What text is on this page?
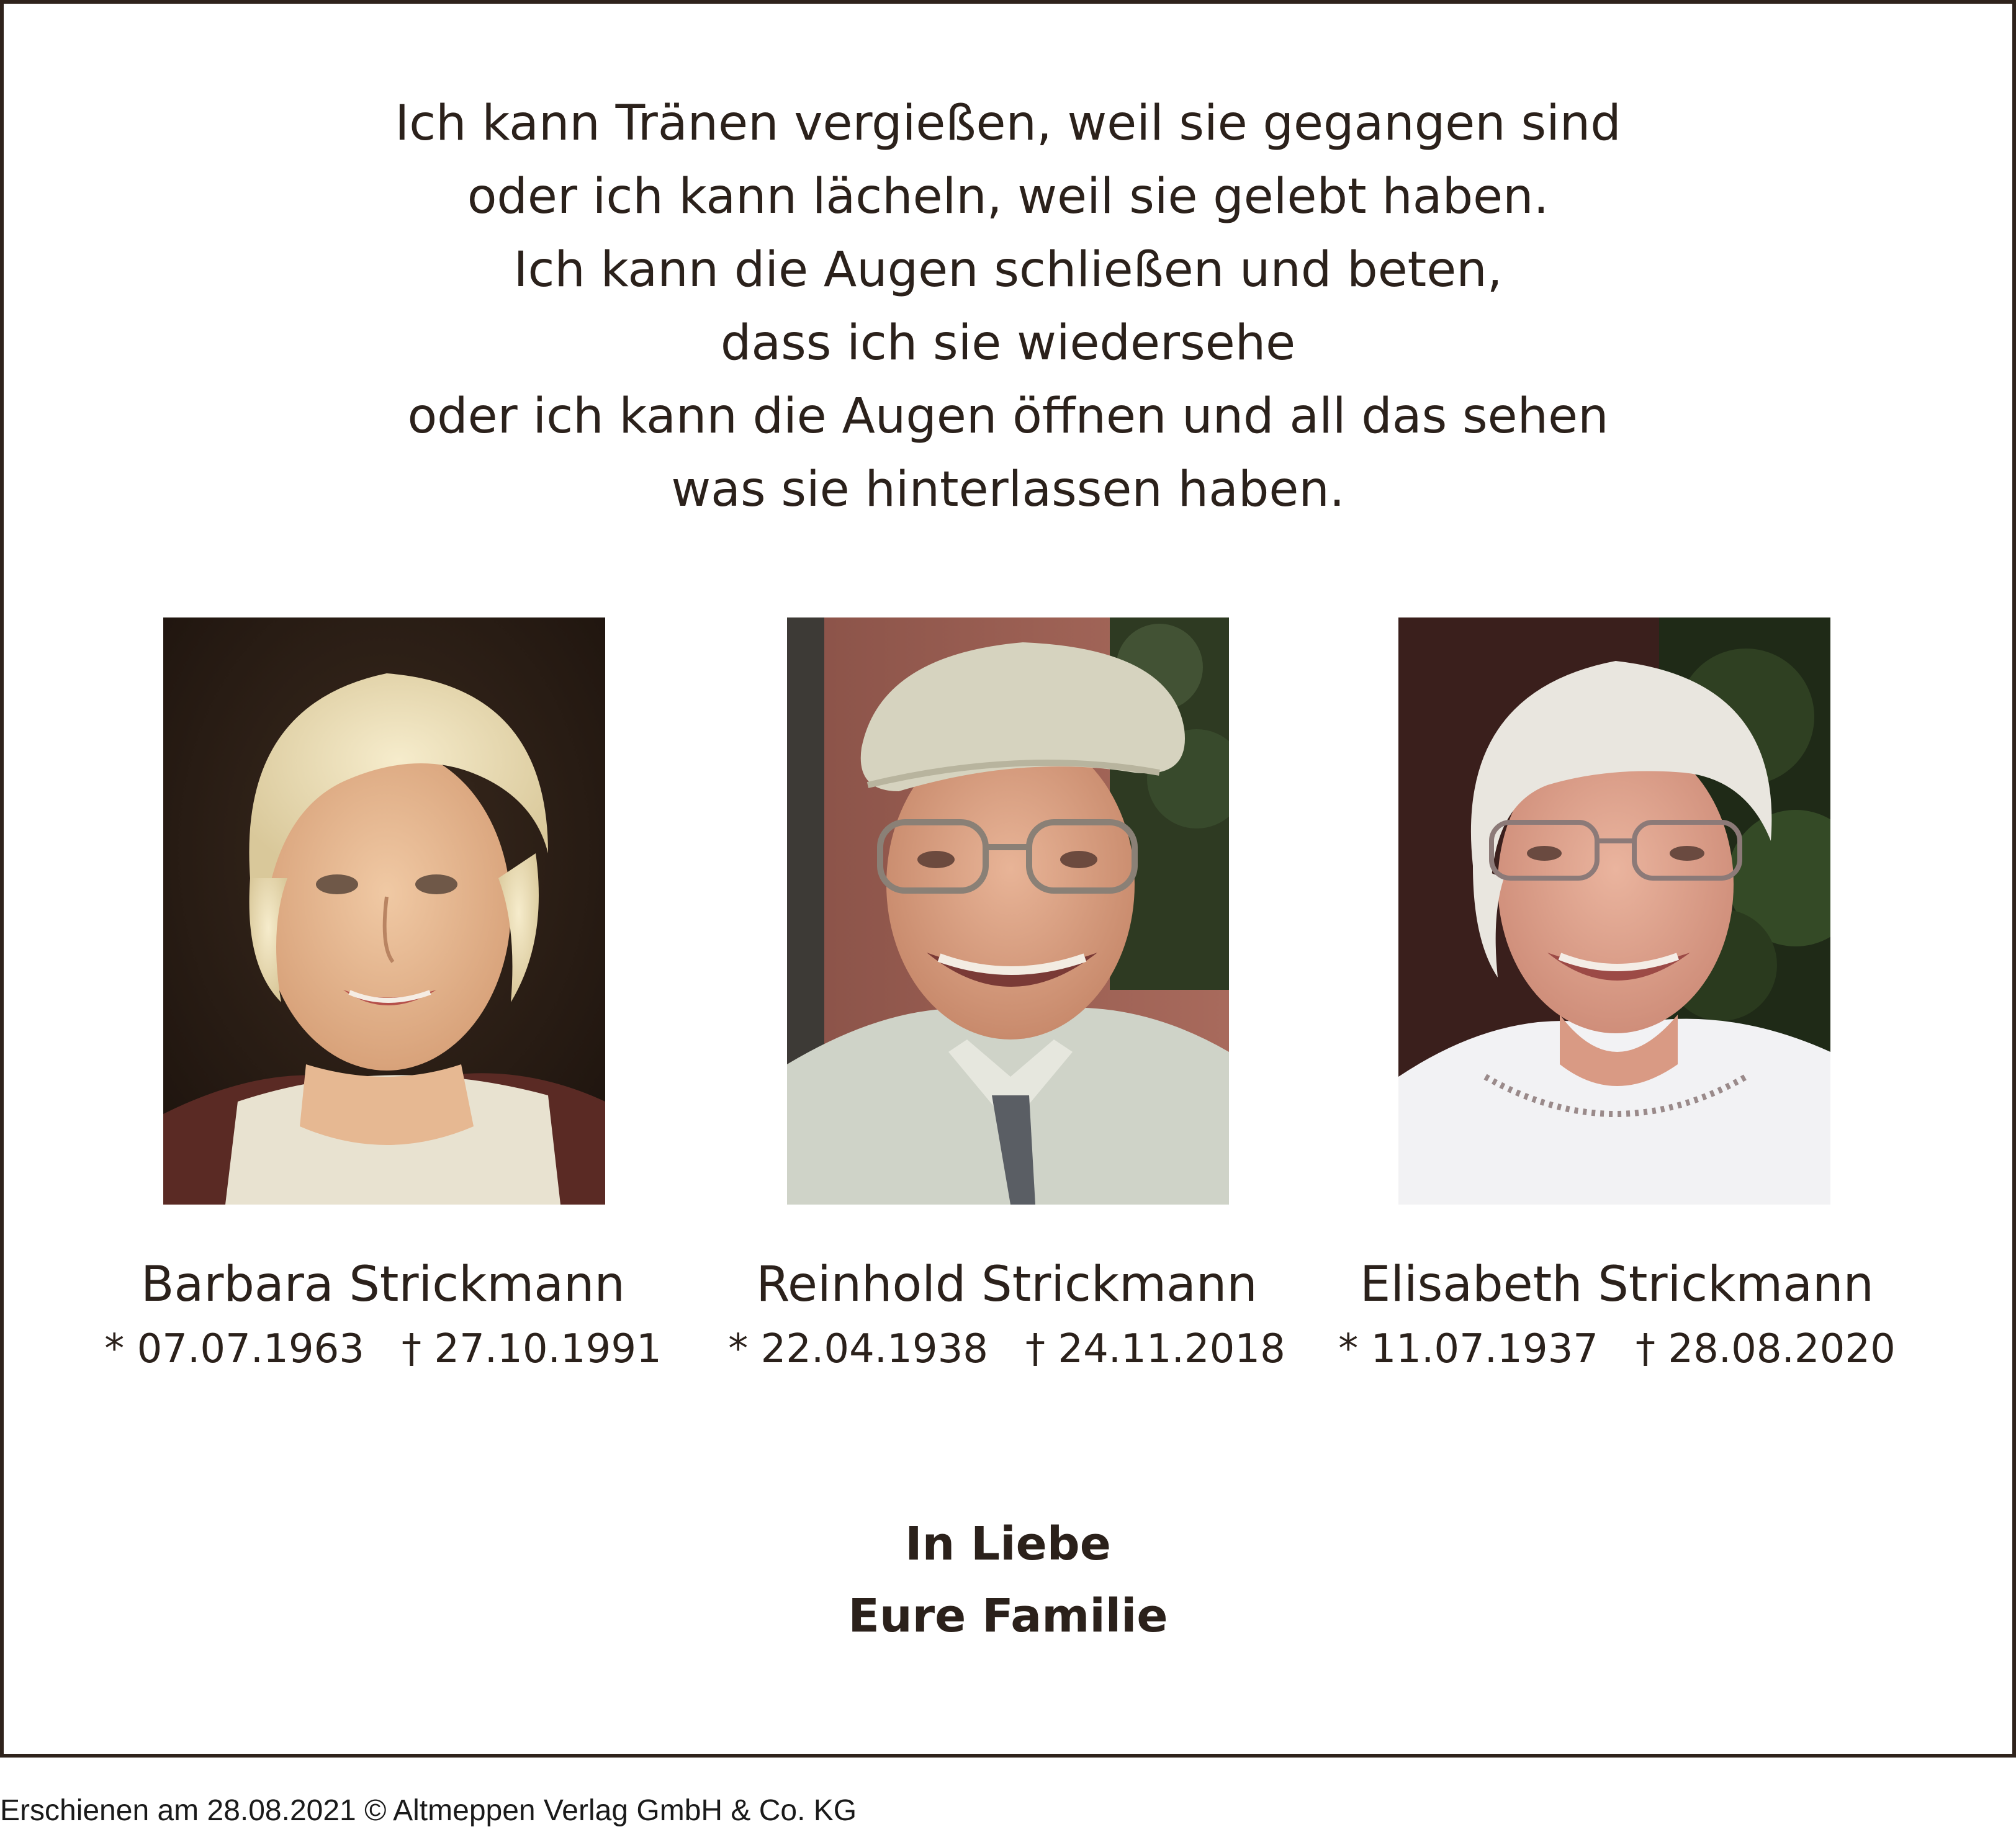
Ich kann Tränen vergießen, weil sie gegangen sind
oder ich kann lächeln, weil sie gelebt haben.
Ich kann die Augen schließen und beten,
dass ich sie wiedersehe
oder ich kann die Augen öffnen und all das sehen
was sie hinterlassen haben.
Barbara Strickmann
* 07.07.1963 † 27.10.1991
Reinhold Strickmann
* 22.04.1938 † 24.11.2018
Elisabeth Strickmann
* 11.07.1937 † 28.08.2020
In Liebe
Eure Familie
Erschienen am 28.08.2021 © Altmeppen Verlag GmbH & Co. KG
